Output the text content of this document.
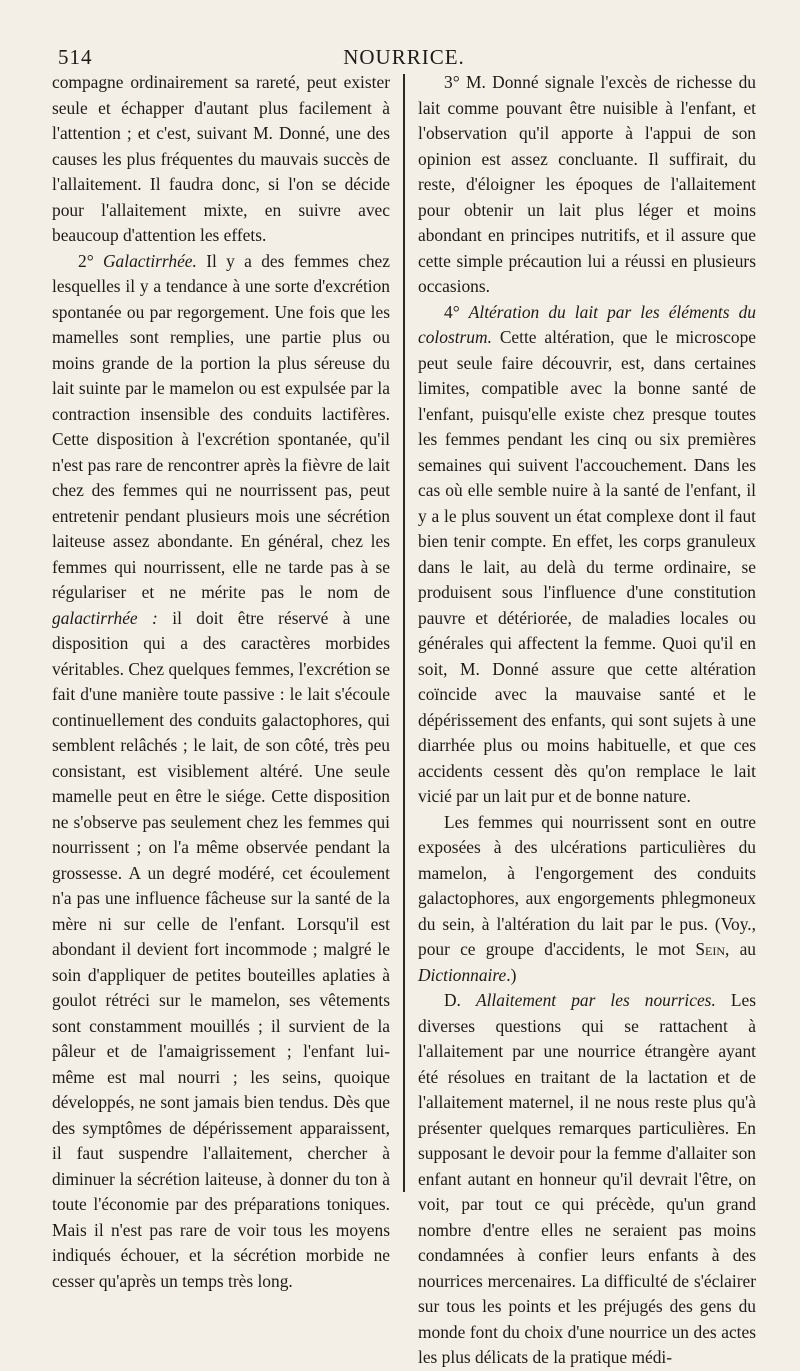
514	NOURRICE.

compagne ordinairement sa rareté, peut exister seule et échapper d'autant plus facilement à l'attention ; et c'est, suivant M. Donné, une des causes les plus fréquentes du mauvais succès de l'allaitement. Il faudra donc, si l'on se décide pour l'allaitement mixte, en suivre avec beaucoup d'attention les effets.

2° Galactirrhée. Il y a des femmes chez lesquelles il y a tendance à une sorte d'excrétion spontanée ou par regorgement. Une fois que les mamelles sont remplies, une partie plus ou moins grande de la portion la plus séreuse du lait suinte par le mamelon ou est expulsée par la contraction insensible des conduits lactifères. Cette disposition à l'excrétion spontanée, qu'il n'est pas rare de rencontrer après la fièvre de lait chez des femmes qui ne nourrissent pas, peut entretenir pendant plusieurs mois une sécrétion laiteuse assez abondante. En général, chez les femmes qui nourrissent, elle ne tarde pas à se régulariser et ne mérite pas le nom de galactirrhée : il doit être réservé à une disposition qui a des caractères morbides véritables. Chez quelques femmes, l'excrétion se fait d'une manière toute passive : le lait s'écoule continuellement des conduits galactophores, qui semblent relâchés ; le lait, de son côté, très peu consistant, est visiblement altéré. Une seule mamelle peut en être le siége. Cette disposition ne s'observe pas seulement chez les femmes qui nourrissent ; on l'a même observée pendant la grossesse. A un degré modéré, cet écoulement n'a pas une influence fâcheuse sur la santé de la mère ni sur celle de l'enfant. Lorsqu'il est abondant il devient fort incommode ; malgré le soin d'appliquer de petites bouteilles aplaties à goulot rétréci sur le mamelon, ses vêtements sont constamment mouillés ; il survient de la pâleur et de l'amaigrissement ; l'enfant lui-même est mal nourri ; les seins, quoique développés, ne sont jamais bien tendus. Dès que des symptômes de dépérissement apparaissent, il faut suspendre l'allaitement, chercher à diminuer la sécrétion laiteuse, à donner du ton à toute l'économie par des préparations toniques. Mais il n'est pas rare de voir tous les moyens indiqués échouer, et la sécrétion morbide ne cesser qu'après un temps très long.

3° M. Donné signale l'excès de richesse du lait comme pouvant être nuisible à l'enfant, et l'observation qu'il apporte à l'appui de son opinion est assez concluante. Il suffirait, du reste, d'éloigner les époques de l'allaitement pour obtenir un lait plus léger et moins abondant en principes nutritifs, et il assure que cette simple précaution lui a réussi en plusieurs occasions.

4° Altération du lait par les éléments du colostrum. Cette altération, que le microscope peut seule faire découvrir, est, dans certaines limites, compatible avec la bonne santé de l'enfant, puisqu'elle existe chez presque toutes les femmes pendant les cinq ou six premières semaines qui suivent l'accouchement. Dans les cas où elle semble nuire à la santé de l'enfant, il y a le plus souvent un état complexe dont il faut bien tenir compte. En effet, les corps granuleux dans le lait, au delà du terme ordinaire, se produisent sous l'influence d'une constitution pauvre et détériorée, de maladies locales ou générales qui affectent la femme. Quoi qu'il en soit, M. Donné assure que cette altération coïncide avec la mauvaise santé et le dépérissement des enfants, qui sont sujets à une diarrhée plus ou moins habituelle, et que ces accidents cessent dès qu'on remplace le lait vicié par un lait pur et de bonne nature.

Les femmes qui nourrissent sont en outre exposées à des ulcérations particulières du mamelon, à l'engorgement des conduits galactophores, aux engorgements phlegmoneux du sein, à l'altération du lait par le pus. (Voy., pour ce groupe d'accidents, le mot Sein, au Dictionnaire.)

D. Allaitement par les nourrices. Les diverses questions qui se rattachent à l'allaitement par une nourrice étrangère ayant été résolues en traitant de la lactation et de l'allaitement maternel, il ne nous reste plus qu'à présenter quelques remarques particulières. En supposant le devoir pour la femme d'allaiter son enfant autant en honneur qu'il devrait l'être, on voit, par tout ce qui précède, qu'un grand nombre d'entre elles ne seraient pas moins condamnées à confier leurs enfants à des nourrices mercenaires. La difficulté de s'éclairer sur tous les points et les préjugés des gens du monde font du choix d'une nourrice un des actes les plus délicats de la pratique médi-
